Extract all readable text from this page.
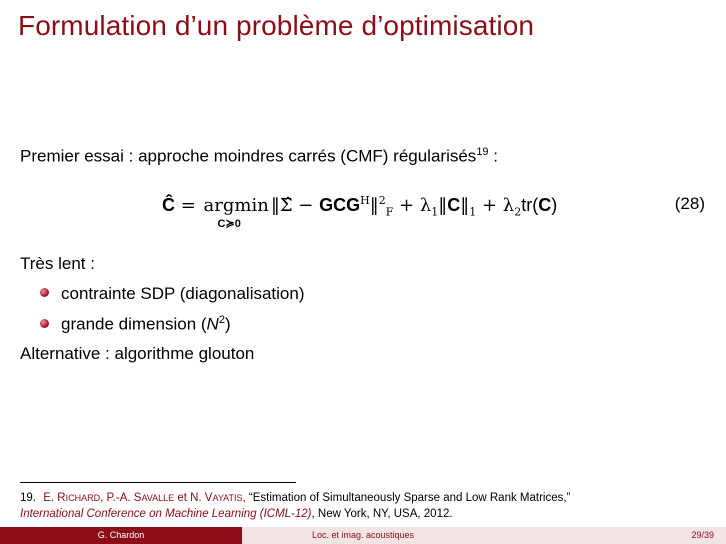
Formulation d’un problème d’optimisation
Premier essai : approche moindres carrés (CMF) régularisés$^{19}$ :
Ĉ = argmin
C≽0
‖Σ̂ − $GCG^H‖^2_F$ + $\lambda_1‖C‖_1 + \lambda_2tr(C)$	(28)
Très lent :
contrainte SDP (diagonalisation)
grande dimension $(N^2)$
Alternative : algorithme glouton
19. E. RICHARD, P.-A. SAVALLE et N. VAYATIS, “Estimation of Simultaneously Sparse and Low Rank Matrices,”
International Conference on Machine Learning (ICML-12), New York, NY, USA, 2012.
G. Chardon	Loc. et imag. acoustiques	29/39
